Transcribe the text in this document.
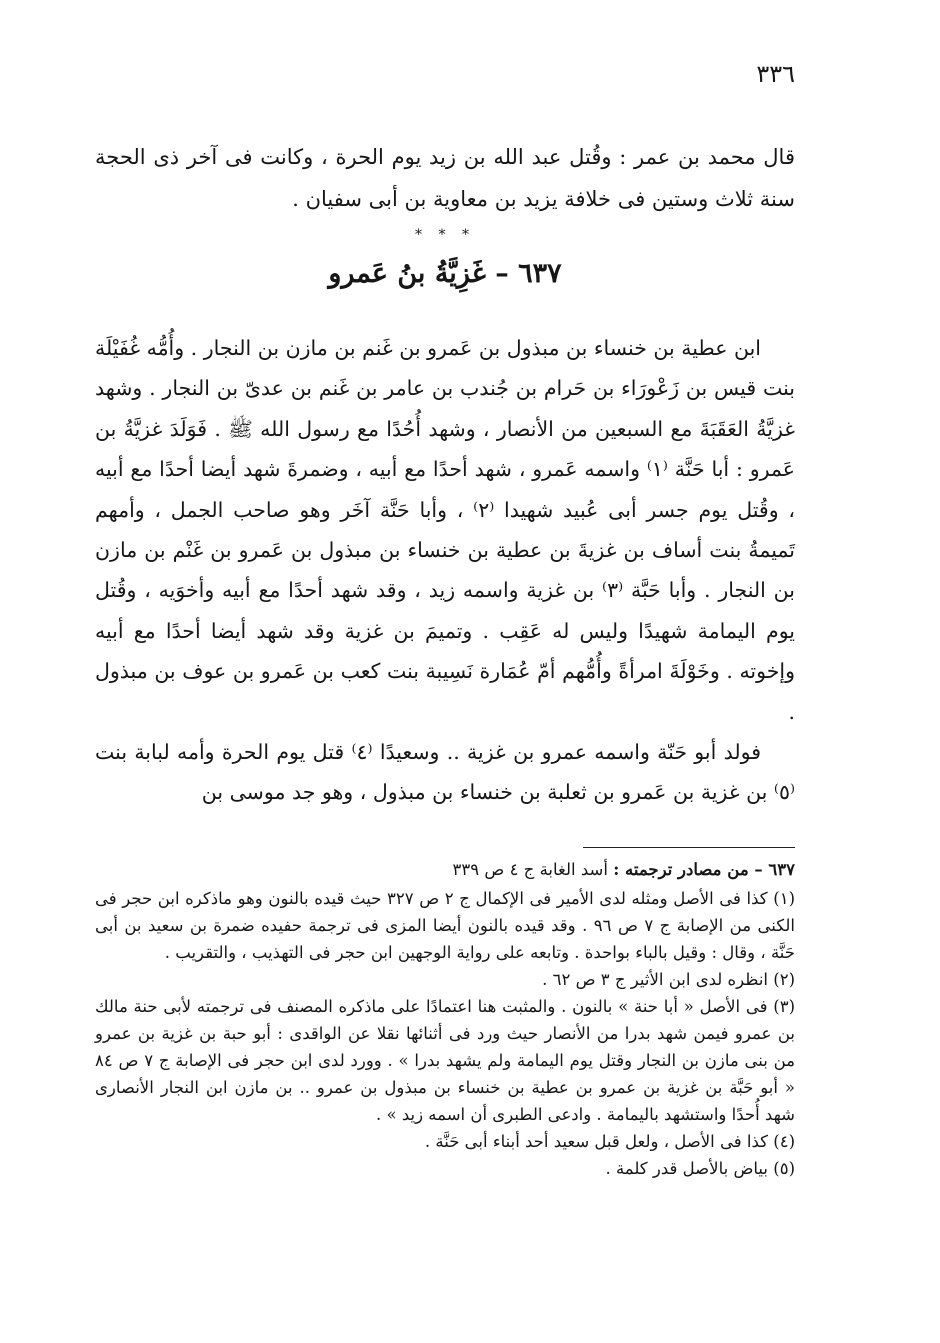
٣٣٦
قال محمد بن عمر : وقُتل عبد الله بن زيد يوم الحرة ، وكانت فى آخر ذى الحجة سنة ثلاث وستين فى خلافة يزيد بن معاوية بن أبى سفيان .
* * *
٦٣٧ – غَزِيَّةُ بنُ عَمرو

ابن عطية بن خنساء بن مبذول بن عَمرو بن غَنم بن مازن بن النجار . وأُمُّه غُفَيْلَة بنت قيس بن زَعْورَاء بن حَرام بن جُندب بن عامر بن غَنم بن عدىّ بن النجار . وشهد غزيَّةُ العَقَبَةَ مع السبعين من الأنصار ، وشهد أُحُدًا مع رسول الله ﷺ . فَوَلَدَ غزيَّةُ بن عَمرو : أبا حَنَّة ⁽١⁾ واسمه عَمرو ، شهد أحدًا مع أبيه ، وضمرةَ شهد أيضا أحدًا مع أبيه ، وقُتل يوم جسر أبى عُبيد شهيدا ⁽٢⁾ ، وأبا حَنَّة آخَر وهو صاحب الجمل ، وأمهم تَميمةُ بنت أساف بن غزيةَ بن عطية بن خنساء بن مبذول بن عَمرو بن غَنْم بن مازن بن النجار . وأبا حَبَّة ⁽٣⁾ بن غزية واسمه زيد ، وقد شهد أحدًا مع أبيه وأخوَيه ، وقُتل يوم اليمامة شهيدًا وليس له عَقِب . وتميمَ بن غزية وقد شهد أيضا أحدًا مع أبيه وإخوته . وخَوْلَةَ امرأةً وأُمُّهم أمّ عُمَارة نَسِيبة بنت كعب بن عَمرو بن عوف بن مبذول .

فولد أبو حَنّة واسمه عمرو بن غزية .. وسعيدًا ⁽٤⁾ قتل يوم الحرة وأمه لبابة بنت ⁽٥⁾ بن غزية بن عَمرو بن ثعلبة بن خنساء بن مبذول ، وهو جد موسى بن

٦٣٧ – من مصادر ترجمته : أسد الغابة ج ٤ ص ٣٣٩

(١) كذا فى الأصل ومثله لدى الأمير فى الإكمال ج ٢ ص ٣٢٧ حيث قيده بالنون وهو ماذكره ابن حجر فى الكنى من الإصابة ج ٧ ص ٩٦ . وقد قيده بالنون أيضا المزى فى ترجمة حفيده ضمرة بن سعيد بن أبى حَنَّة ، وقال : وقيل بالباء بواحدة . وتابعه على رواية الوجهين ابن حجر فى التهذيب ، والتقريب .

(٢) انظره لدى ابن الأثير ج ٣ ص ٦٢ .

(٣) فى الأصل « أبا حنة » بالنون . والمثبت هنا اعتمادًا على ماذكره المصنف فى ترجمته لأبى حنة مالك بن عمرو فيمن شهد بدرا من الأنصار حيث ورد فى أثنائها نقلا عن الواقدى : أبو حبة بن غزية بن عمرو من بنى مازن بن النجار وقتل يوم اليمامة ولم يشهد بدرا » . وورد لدى ابن حجر فى الإصابة ج ٧ ص ٨٤ « أبو حَبَّة بن غزية بن عمرو بن عطية بن خنساء بن مبذول بن عمرو .. بن مازن ابن النجار الأنصارى شهد أُحدًا واستشهد باليمامة . وادعى الطبرى أن اسمه زيد » .

(٤) كذا فى الأصل ، ولعل قبل سعيد أحد أبناء أبى حَنَّة .

(٥) بياض بالأصل قدر كلمة .
